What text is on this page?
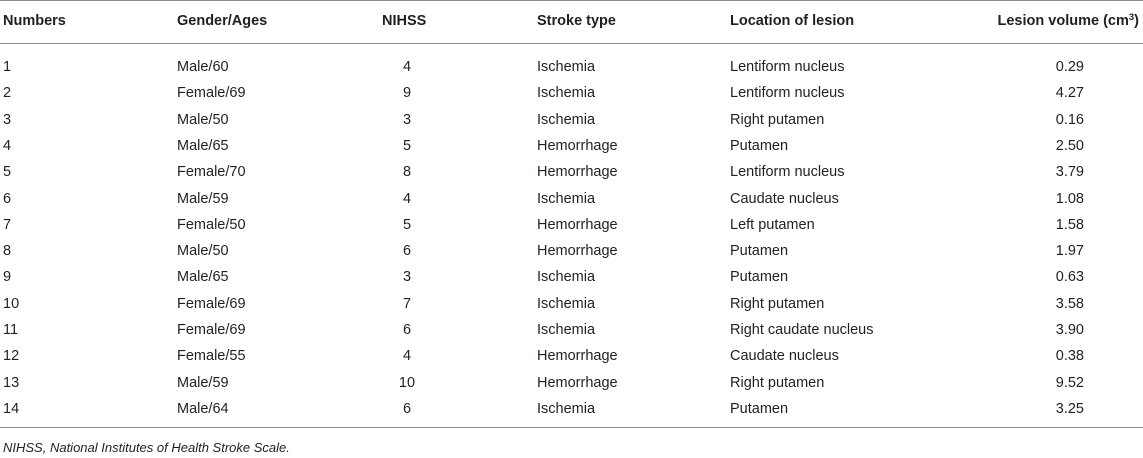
Numbers	Gender/Ages	NIHSS	Stroke type	Location of lesion	Lesion volume $(cm^3)$
1	Male/60	4	Ischemia	Lentiform nucleus	0.29
2	Female/69	9	Ischemia	Lentiform nucleus	4.27
3	Male/50	3	Ischemia	Right putamen	0.16
4	Male/65	5	Hemorrhage	Putamen	2.50
5	Female/70	8	Hemorrhage	Lentiform nucleus	3.79
6	Male/59	4	Ischemia	Caudate nucleus	1.08
7	Female/50	5	Hemorrhage	Left putamen	1.58
8	Male/50	6	Hemorrhage	Putamen	1.97
9	Male/65	3	Ischemia	Putamen	0.63
10	Female/69	7	Ischemia	Right putamen	3.58
11	Female/69	6	Ischemia	Right caudate nucleus	3.90
12	Female/55	4	Hemorrhage	Caudate nucleus	0.38
13	Male/59	10	Hemorrhage	Right putamen	9.52
14	Male/64	6	Ischemia	Putamen	3.25
NIHSS, National Institutes of Health Stroke Scale.
